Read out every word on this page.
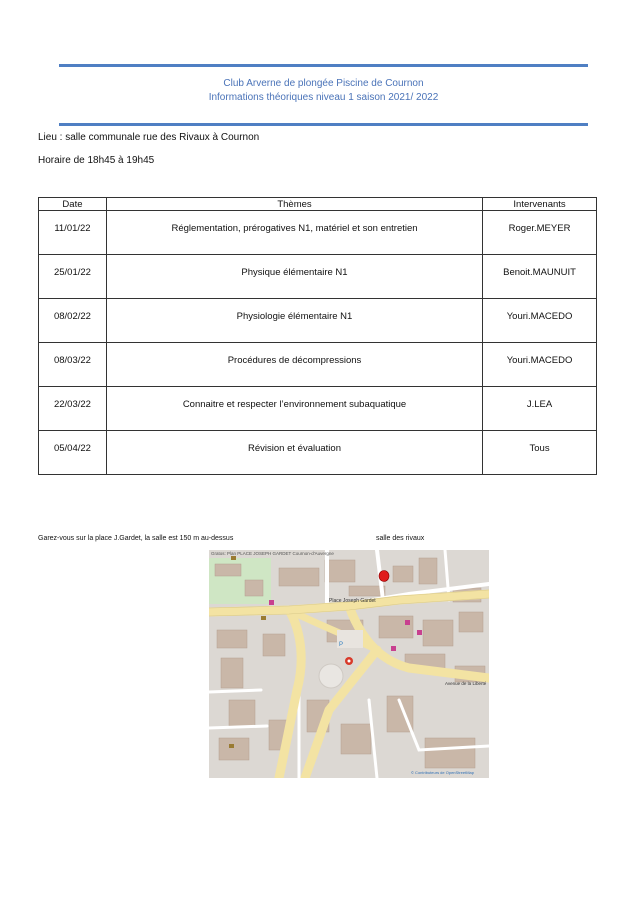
Club Arverne de plongée Piscine de Cournon
Informations théoriques niveau 1 saison 2021/ 2022
Lieu : salle communale rue des Rivaux à Cournon
Horaire de 18h45 à 19h45
Date	Thèmes	Intervenants
11/01/22	Réglementation, prérogatives N1, matériel et son entretien	Roger.MEYER
25/01/22	Physique élémentaire N1	Benoit.MAUNUIT
08/02/22	Physiologie élémentaire N1	Youri.MACEDO
08/03/22	Procédures de décompressions	Youri.MACEDO
22/03/22	Connaitre et respecter l’environnement subaquatique	J.LEA
05/04/22	Révision et évaluation	Tous
Garez-vous sur la place J.Gardet, la salle est 150 m au-dessus	salle des rivaux
P
Gratos: Plan PLACE JOSEPH GARDET Cournon-d'Auvergne
Place Joseph Gardet
Avenue de la Liberté
© Contributeurs de OpenStreetMap
